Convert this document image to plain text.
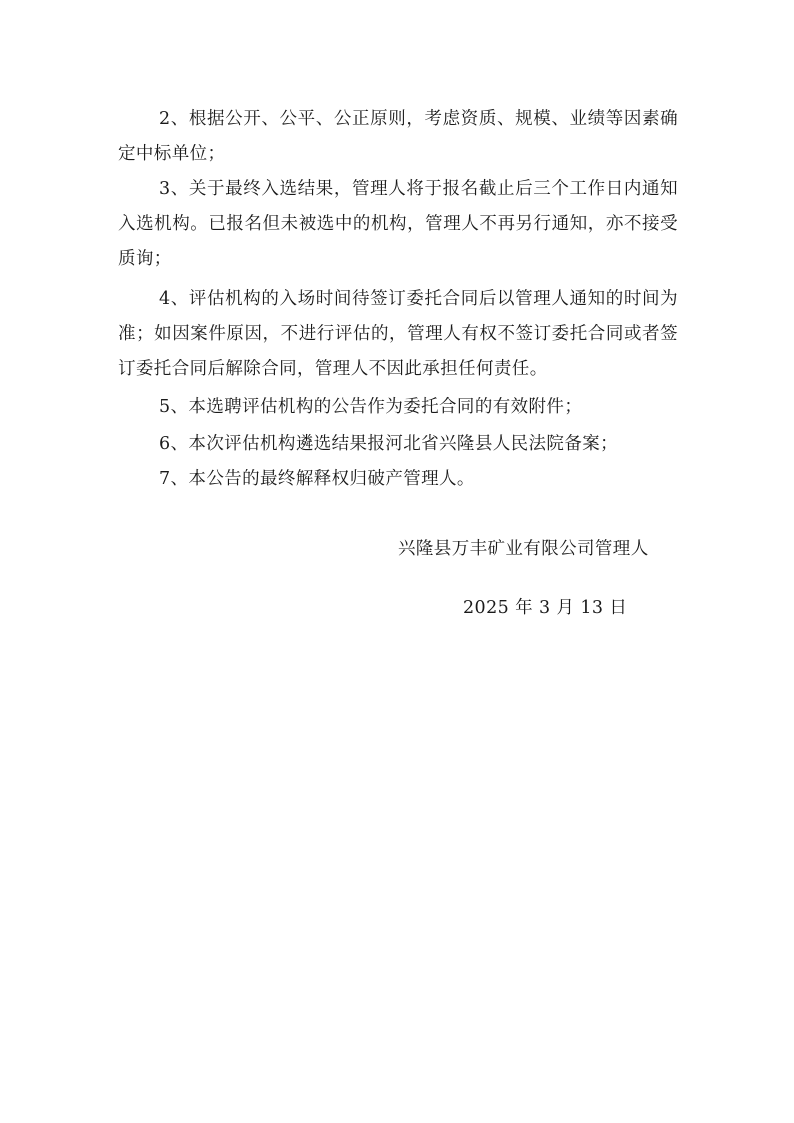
2、根据公开、公平、公正原则，考虑资质、规模、业绩等因素确定中标单位；

3、关于最终入选结果，管理人将于报名截止后三个工作日内通知入选机构。已报名但未被选中的机构，管理人不再另行通知，亦不接受质询；

4、评估机构的入场时间待签订委托合同后以管理人通知的时间为准；如因案件原因，不进行评估的，管理人有权不签订委托合同或者签订委托合同后解除合同，管理人不因此承担任何责任。

5、本选聘评估机构的公告作为委托合同的有效附件；

6、本次评估机构遴选结果报河北省兴隆县人民法院备案；

7、本公告的最终解释权归破产管理人。

兴隆县万丰矿业有限公司管理人

2025 年 3 月 13 日
